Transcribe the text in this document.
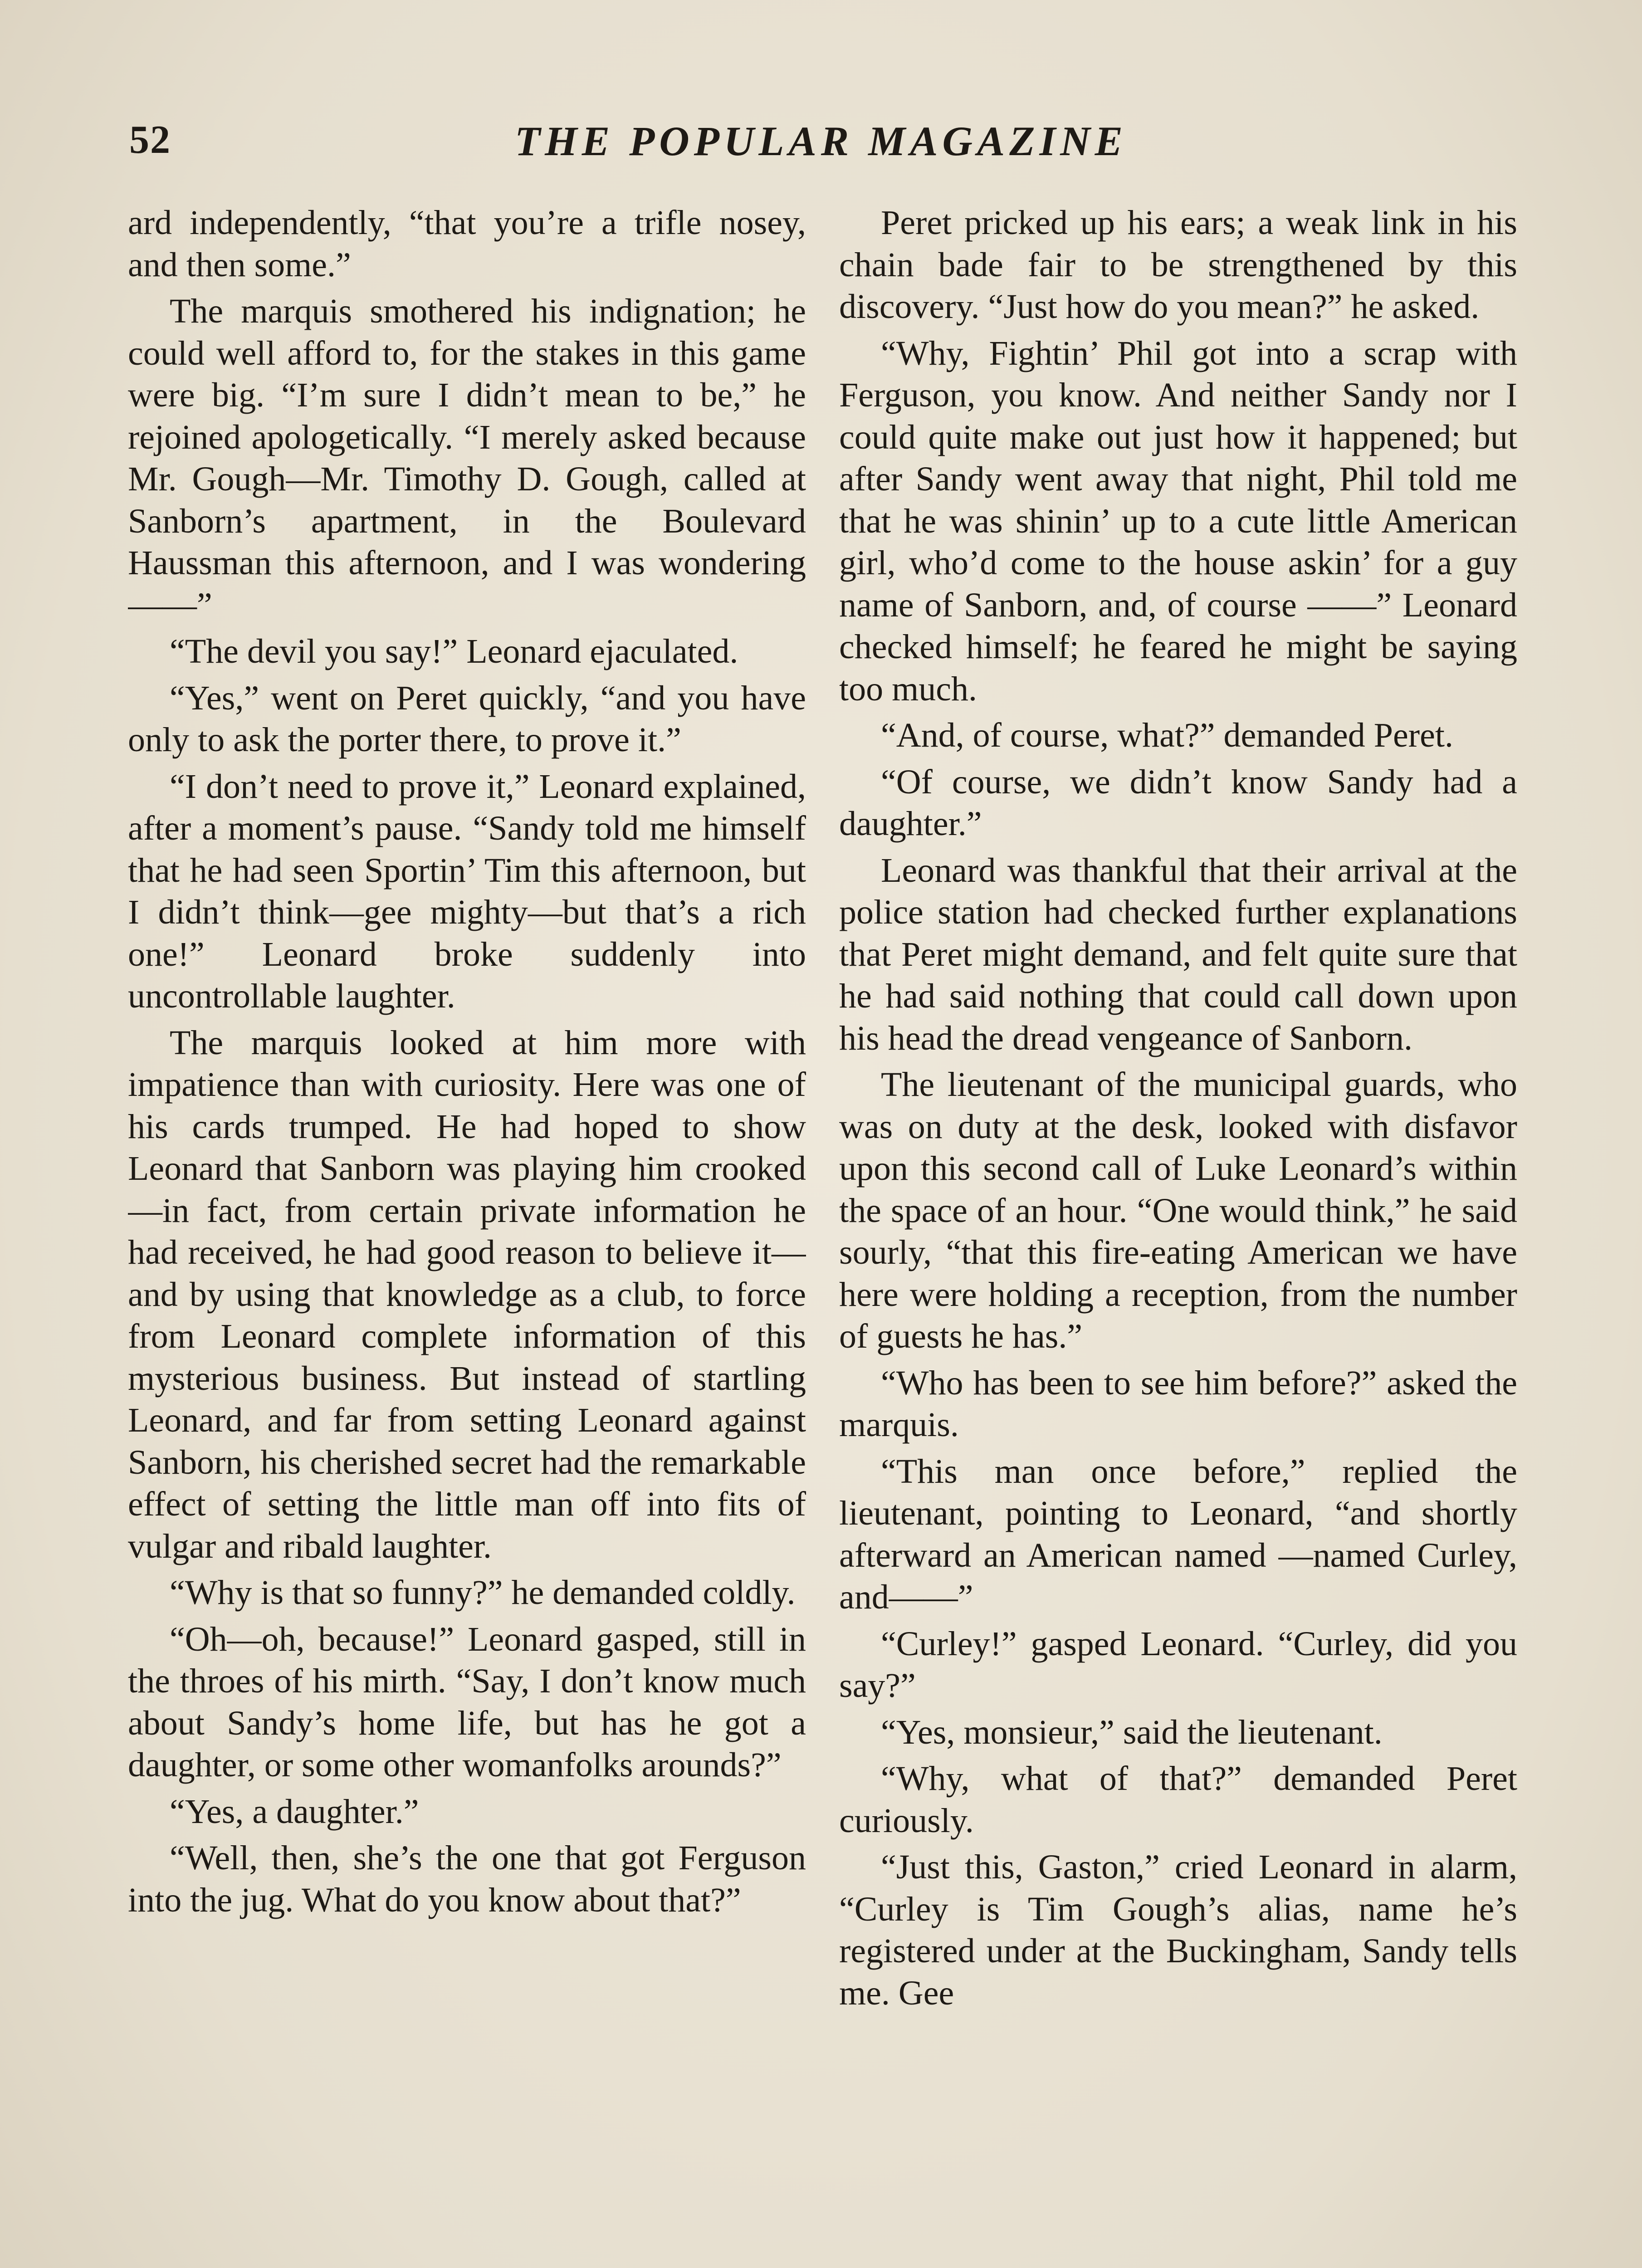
52	THE POPULAR MAGAZINE

ard independently, “that you’re a trifle nosey, and then some.”

The marquis smothered his indignation; he could well afford to, for the stakes in this game were big. “I’m sure I didn’t mean to be,” he rejoined apologetically. “I merely asked because Mr. Gough—Mr. Timothy D. Gough, called at Sanborn’s apartment, in the Boulevard Haussman this afternoon, and I was wondering——”

“The devil you say!” Leonard ejaculated.

“Yes,” went on Peret quickly, “and you have only to ask the porter there, to prove it.”

“I don’t need to prove it,” Leonard explained, after a moment’s pause. “Sandy told me himself that he had seen Sportin’ Tim this afternoon, but I didn’t think—gee mighty—but that’s a rich one!” Leonard broke suddenly into uncontrollable laughter.

The marquis looked at him more with impatience than with curiosity. Here was one of his cards trumped. He had hoped to show Leonard that Sanborn was playing him crooked—in fact, from certain private information he had received, he had good reason to believe it—and by using that knowledge as a club, to force from Leonard complete information of this mysterious business. But instead of startling Leonard, and far from setting Leonard against Sanborn, his cherished secret had the remarkable effect of setting the little man off into fits of vulgar and ribald laughter.

“Why is that so funny?” he demanded coldly.

“Oh—oh, because!” Leonard gasped, still in the throes of his mirth. “Say, I don’t know much about Sandy’s home life, but has he got a daughter, or some other womanfolks arounds?”

“Yes, a daughter.”

“Well, then, she’s the one that got Ferguson into the jug. What do you know about that?”

Peret pricked up his ears; a weak link in his chain bade fair to be strengthened by this discovery. “Just how do you mean?” he asked.

“Why, Fightin’ Phil got into a scrap with Ferguson, you know. And neither Sandy nor I could quite make out just how it happened; but after Sandy went away that night, Phil told me that he was shinin’ up to a cute little American girl, who’d come to the house askin’ for a guy name of Sanborn, and, of course ——” Leonard checked himself; he feared he might be saying too much.

“And, of course, what?” demanded Peret.

“Of course, we didn’t know Sandy had a daughter.”

Leonard was thankful that their arrival at the police station had checked further explanations that Peret might demand, and felt quite sure that he had said nothing that could call down upon his head the dread vengeance of Sanborn.

The lieutenant of the municipal guards, who was on duty at the desk, looked with disfavor upon this second call of Luke Leonard’s within the space of an hour. “One would think,” he said sourly, “that this fire-eating American we have here were holding a reception, from the number of guests he has.”

“Who has been to see him before?” asked the marquis.

“This man once before,” replied the lieutenant, pointing to Leonard, “and shortly afterward an American named —named Curley, and——”

“Curley!” gasped Leonard. “Curley, did you say?”

“Yes, monsieur,” said the lieutenant.

“Why, what of that?” demanded Peret curiously.

“Just this, Gaston,” cried Leonard in alarm, “Curley is Tim Gough’s alias, name he’s registered under at the Buckingham, Sandy tells me. Gee
